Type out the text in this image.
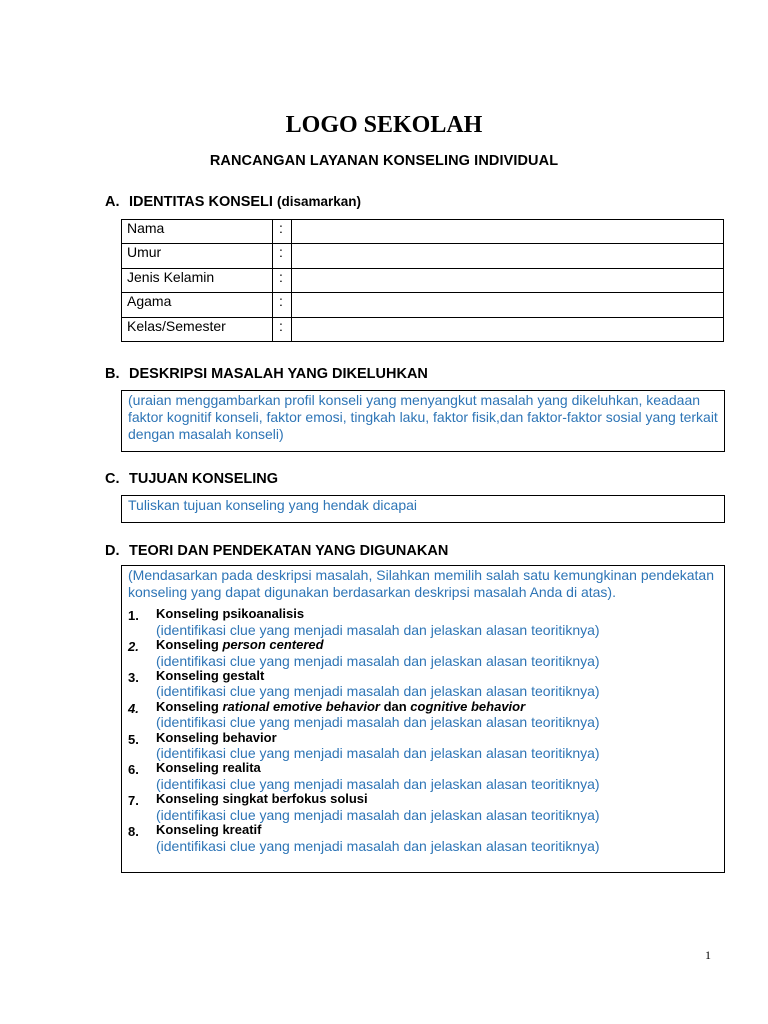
LOGO SEKOLAH
RANCANGAN LAYANAN KONSELING INDIVIDUAL
A. IDENTITAS KONSELI (disamarkan)
Nama	:	
Umur	:	
Jenis Kelamin	:	
Agama	:	
Kelas/Semester	:	
B. DESKRIPSI MASALAH YANG DIKELUHKAN
(uraian menggambarkan profil konseli yang menyangkut masalah yang dikeluhkan, keadaan faktor kognitif konseli, faktor emosi, tingkah laku, faktor fisik,dan faktor-faktor sosial yang terkait dengan masalah konseli)
C. TUJUAN KONSELING
Tuliskan tujuan konseling yang hendak dicapai
D. TEORI DAN PENDEKATAN YANG DIGUNAKAN
(Mendasarkan pada deskripsi masalah, Silahkan memilih salah satu kemungkinan pendekatan konseling yang dapat digunakan berdasarkan deskripsi masalah Anda di atas).
1. Konseling psikoanalisis
(identifikasi clue yang menjadi masalah dan jelaskan alasan teoritiknya)
2. Konseling person centered
(identifikasi clue yang menjadi masalah dan jelaskan alasan teoritiknya)
3. Konseling gestalt
(identifikasi clue yang menjadi masalah dan jelaskan alasan teoritiknya)
4. Konseling rational emotive behavior dan cognitive behavior
(identifikasi clue yang menjadi masalah dan jelaskan alasan teoritiknya)
5. Konseling behavior
(identifikasi clue yang menjadi masalah dan jelaskan alasan teoritiknya)
6. Konseling realita
(identifikasi clue yang menjadi masalah dan jelaskan alasan teoritiknya)
7. Konseling singkat berfokus solusi
(identifikasi clue yang menjadi masalah dan jelaskan alasan teoritiknya)
8. Konseling kreatif
(identifikasi clue yang menjadi masalah dan jelaskan alasan teoritiknya)
1
